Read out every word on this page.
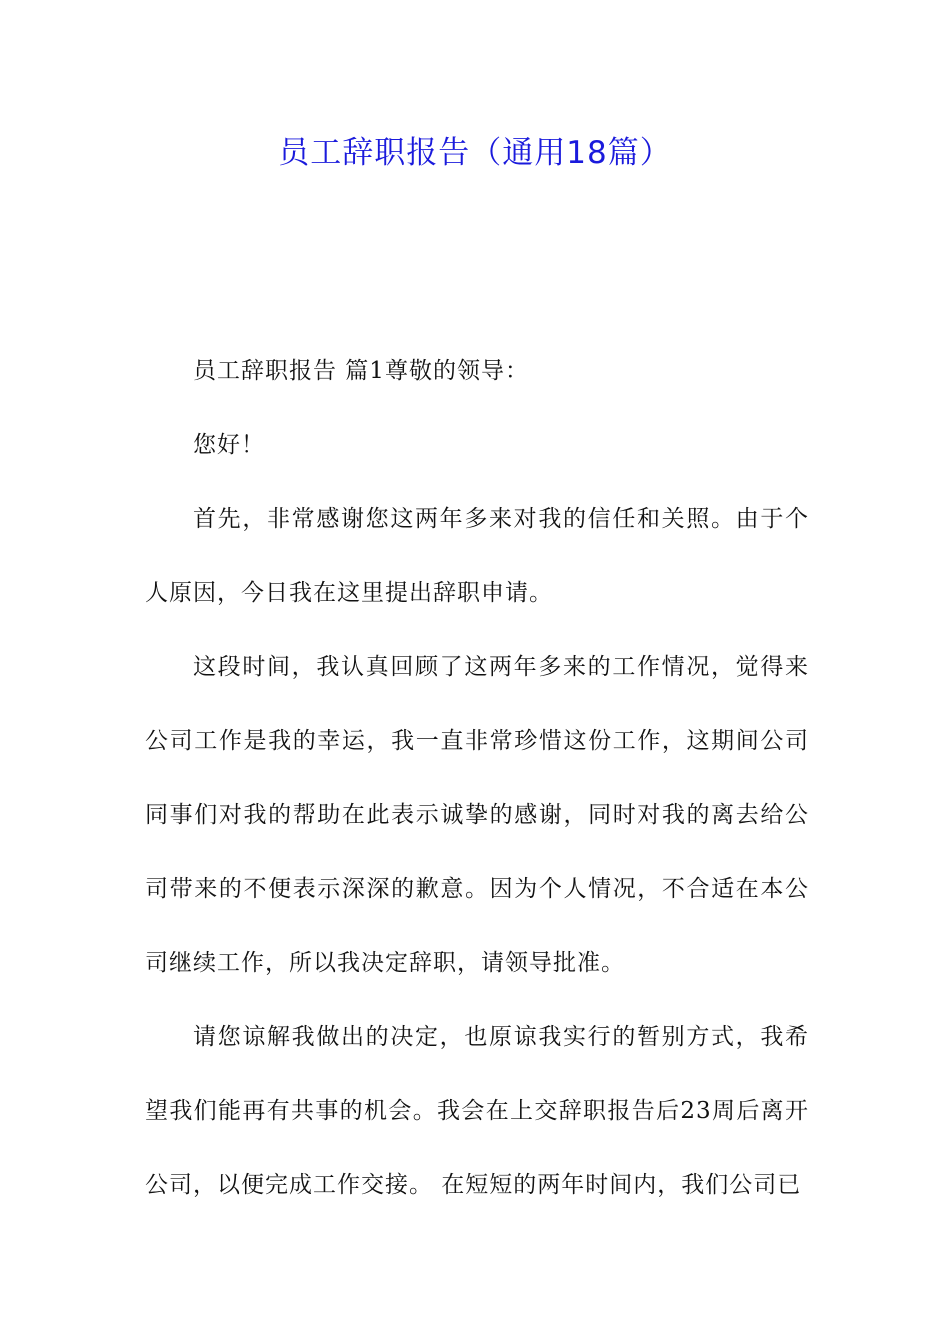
员工辞职报告（通用18篇）

员工辞职报告 篇1尊敬的领导：

您好！

首先，非常感谢您这两年多来对我的信任和关照。由于个人原因，今日我在这里提出辞职申请。

这段时间，我认真回顾了这两年多来的工作情况，觉得来公司工作是我的幸运，我一直非常珍惜这份工作，这期间公司同事们对我的帮助在此表示诚挚的感谢，同时对我的离去给公司带来的不便表示深深的歉意。因为个人情况，不合适在本公司继续工作，所以我决定辞职，请领导批准。

请您谅解我做出的决定，也原谅我实行的暂别方式，我希望我们能再有共事的机会。我会在上交辞职报告后23周后离开公司，以便完成工作交接。 在短短的两年时间内，我们公司已
